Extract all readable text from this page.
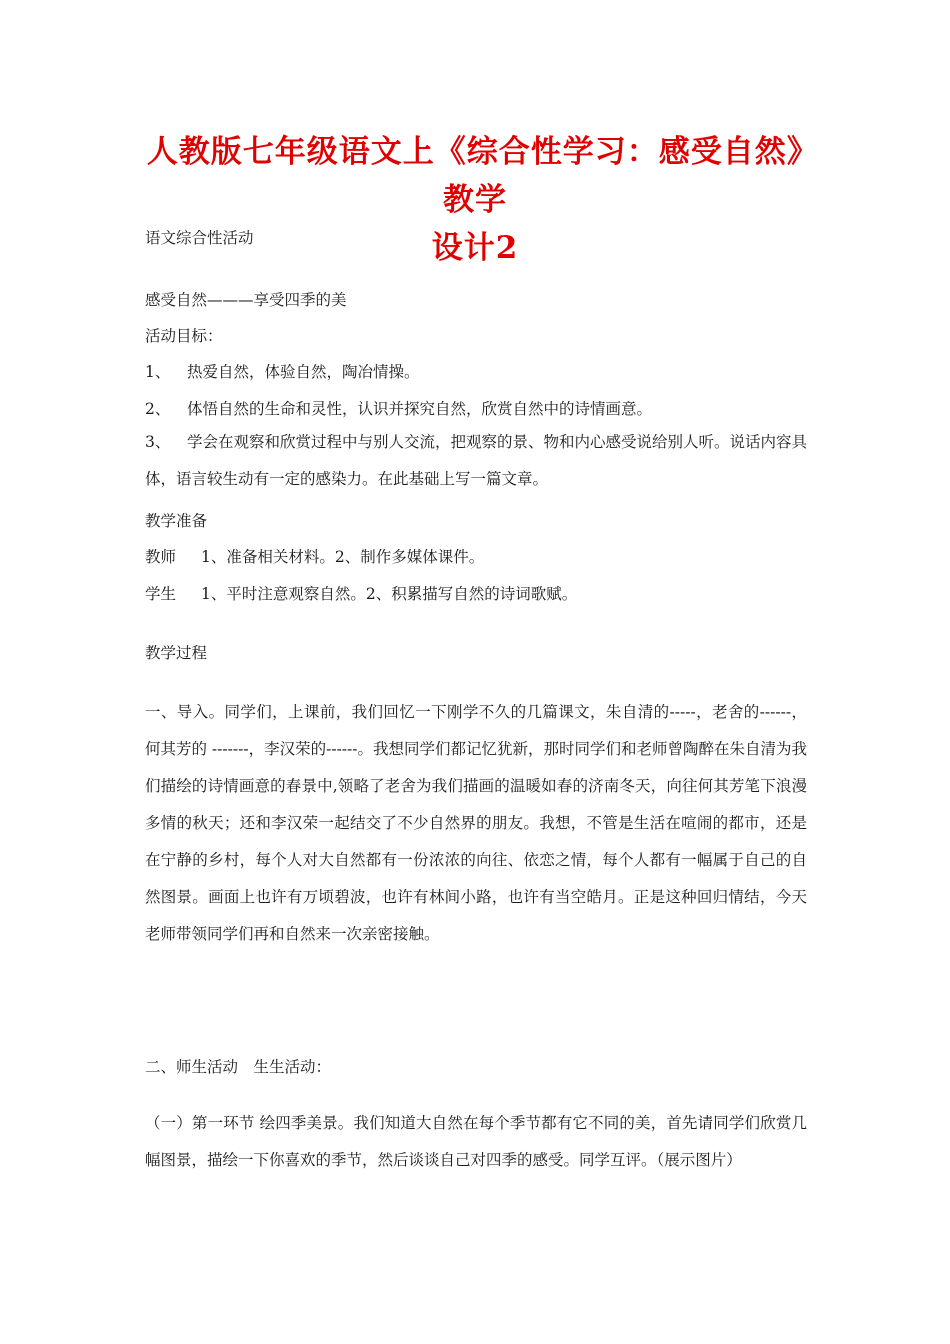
人教版七年级语文上《综合性学习：感受自然》教学
设计2
语文综合性活动
感受自然———享受四季的美
活动目标：
1、 热爱自然，体验自然，陶冶情操。
2、 体悟自然的生命和灵性，认识并探究自然，欣赏自然中的诗情画意。
3、 学会在观察和欣赏过程中与别人交流，把观察的景、物和内心感受说给别人听。说话内容具体，语言较生动有一定的感染力。在此基础上写一篇文章。
教学准备
教师 1、准备相关材料。2、制作多媒体课件。
学生 1、平时注意观察自然。2、积累描写自然的诗词歌赋。
教学过程
一、导入。同学们，上课前，我们回忆一下刚学不久的几篇课文，朱自清的-----，老舍的------，何其芳的 -------，李汉荣的------。我想同学们都记忆犹新，那时同学们和老师曾陶醉在朱自清为我们描绘的诗情画意的春景中,领略了老舍为我们描画的温暖如春的济南冬天，向往何其芳笔下浪漫多情的秋天；还和李汉荣一起结交了不少自然界的朋友。我想，不管是生活在喧闹的都市，还是在宁静的乡村，每个人对大自然都有一份浓浓的向往、依恋之情，每个人都有一幅属于自己的自然图景。画面上也许有万顷碧波，也许有林间小路，也许有当空皓月。正是这种回归情结，今天老师带领同学们再和自然来一次亲密接触。
二、师生活动　生生活动：
（一）第一环节 绘四季美景。我们知道大自然在每个季节都有它不同的美，首先请同学们欣赏几幅图景，描绘一下你喜欢的季节，然后谈谈自己对四季的感受。同学互评。（展示图片）
